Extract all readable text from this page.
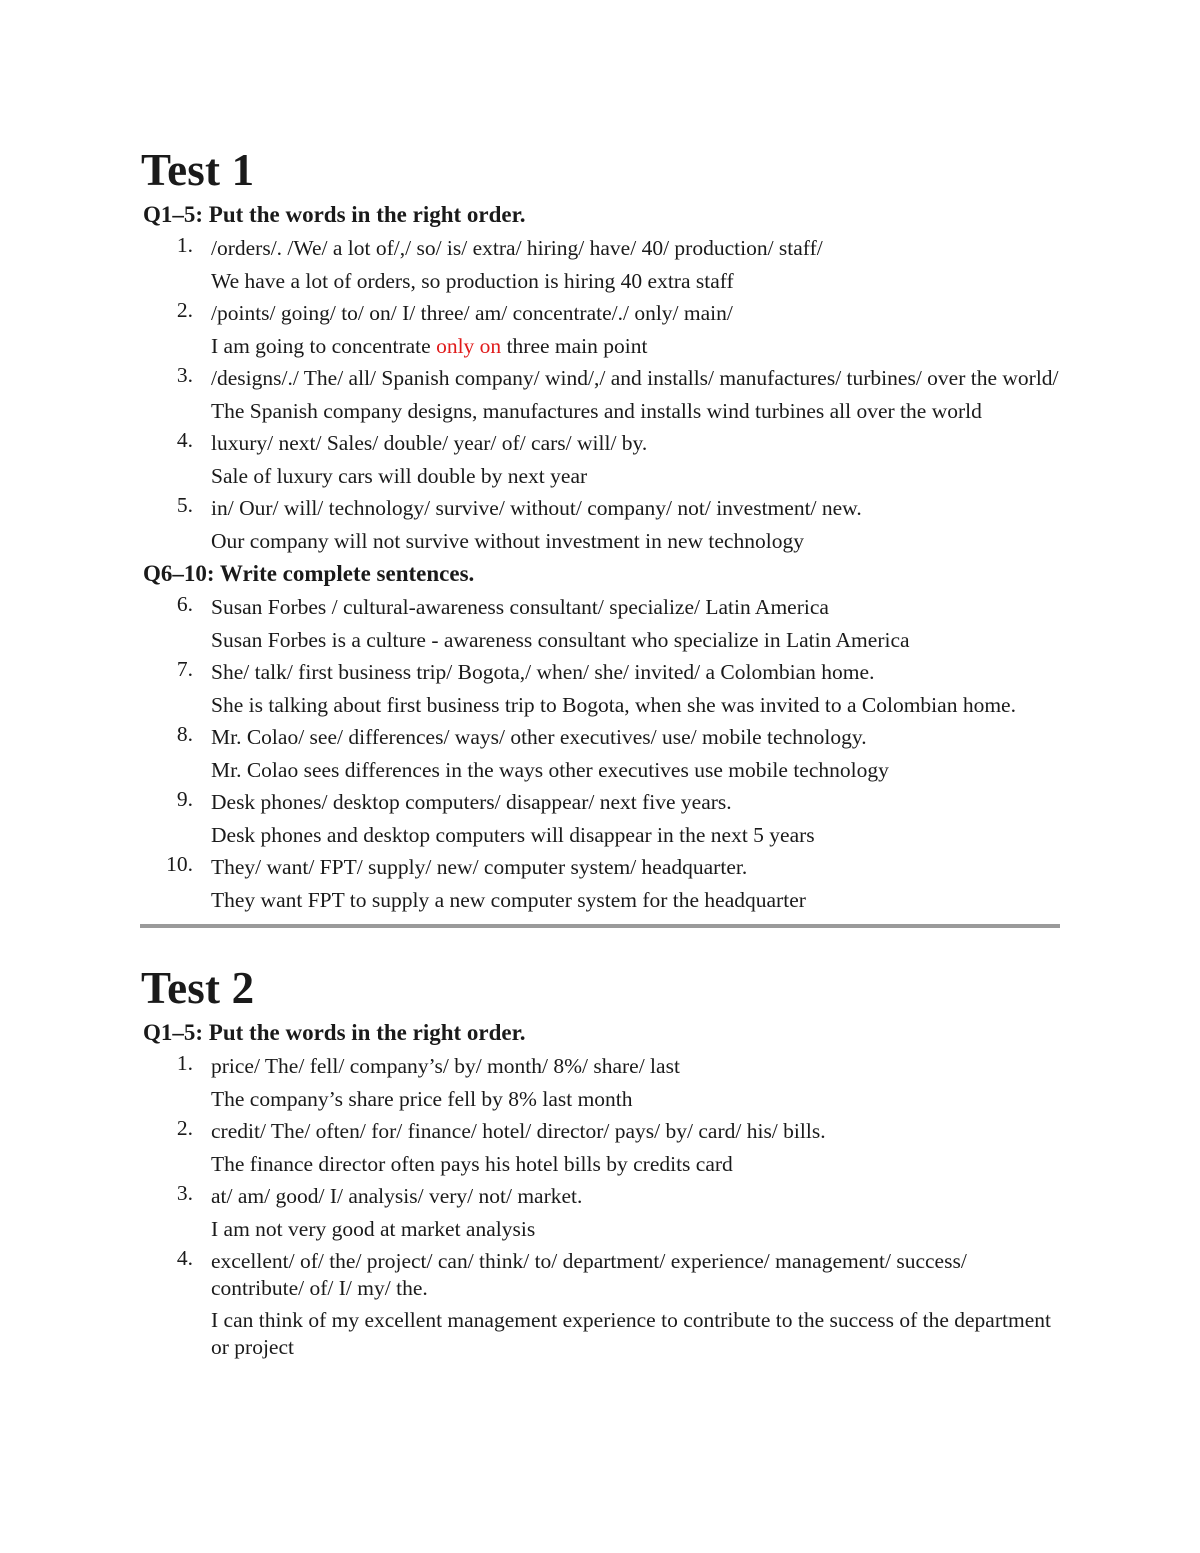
Test 1
Q1–5: Put the words in the right order.
1. /orders/. /We/ a lot of/,/ so/ is/ extra/ hiring/ have/ 40/ production/ staff/
We have a lot of orders, so production is hiring 40 extra staff
2. /points/ going/ to/ on/ I/ three/ am/ concentrate/./ only/ main/
I am going to concentrate only on three main point
3. /designs/./ The/ all/ Spanish company/ wind/,/ and installs/ manufactures/ turbines/ over the world/
The Spanish company designs, manufactures and installs wind turbines all over the world
4. luxury/ next/ Sales/ double/ year/ of/ cars/ will/ by.
Sale of luxury cars will double by next year
5. in/ Our/ will/ technology/ survive/ without/ company/ not/ investment/ new.
Our company will not survive without investment in new technology
Q6–10: Write complete sentences.
6. Susan Forbes / cultural-awareness consultant/ specialize/ Latin America
Susan Forbes is a culture - awareness consultant who specialize in Latin America
7. She/ talk/ first business trip/ Bogota,/ when/ she/ invited/ a Colombian home.
She is talking about first business trip to Bogota, when she was invited to a Colombian home.
8. Mr. Colao/ see/ differences/ ways/ other executives/ use/ mobile technology.
Mr. Colao sees differences in the ways other executives use mobile technology
9. Desk phones/ desktop computers/ disappear/ next five years.
Desk phones and desktop computers will disappear in the next 5 years
10. They/ want/ FPT/ supply/ new/ computer system/ headquarter.
They want FPT to supply a new computer system for the headquarter
Test 2
Q1–5: Put the words in the right order.
1. price/ The/ fell/ company’s/ by/ month/ 8%/ share/ last
The company’s share price fell by 8% last month
2. credit/ The/ often/ for/ finance/ hotel/ director/ pays/ by/ card/ his/ bills.
The finance director often pays his hotel bills by credits card
3. at/ am/ good/ I/ analysis/ very/ not/ market.
I am not very good at market analysis
4. excellent/ of/ the/ project/ can/ think/ to/ department/ experience/ management/ success/ contribute/ of/ I/ my/ the.
I can think of my excellent management experience to contribute to the success of the department or project
